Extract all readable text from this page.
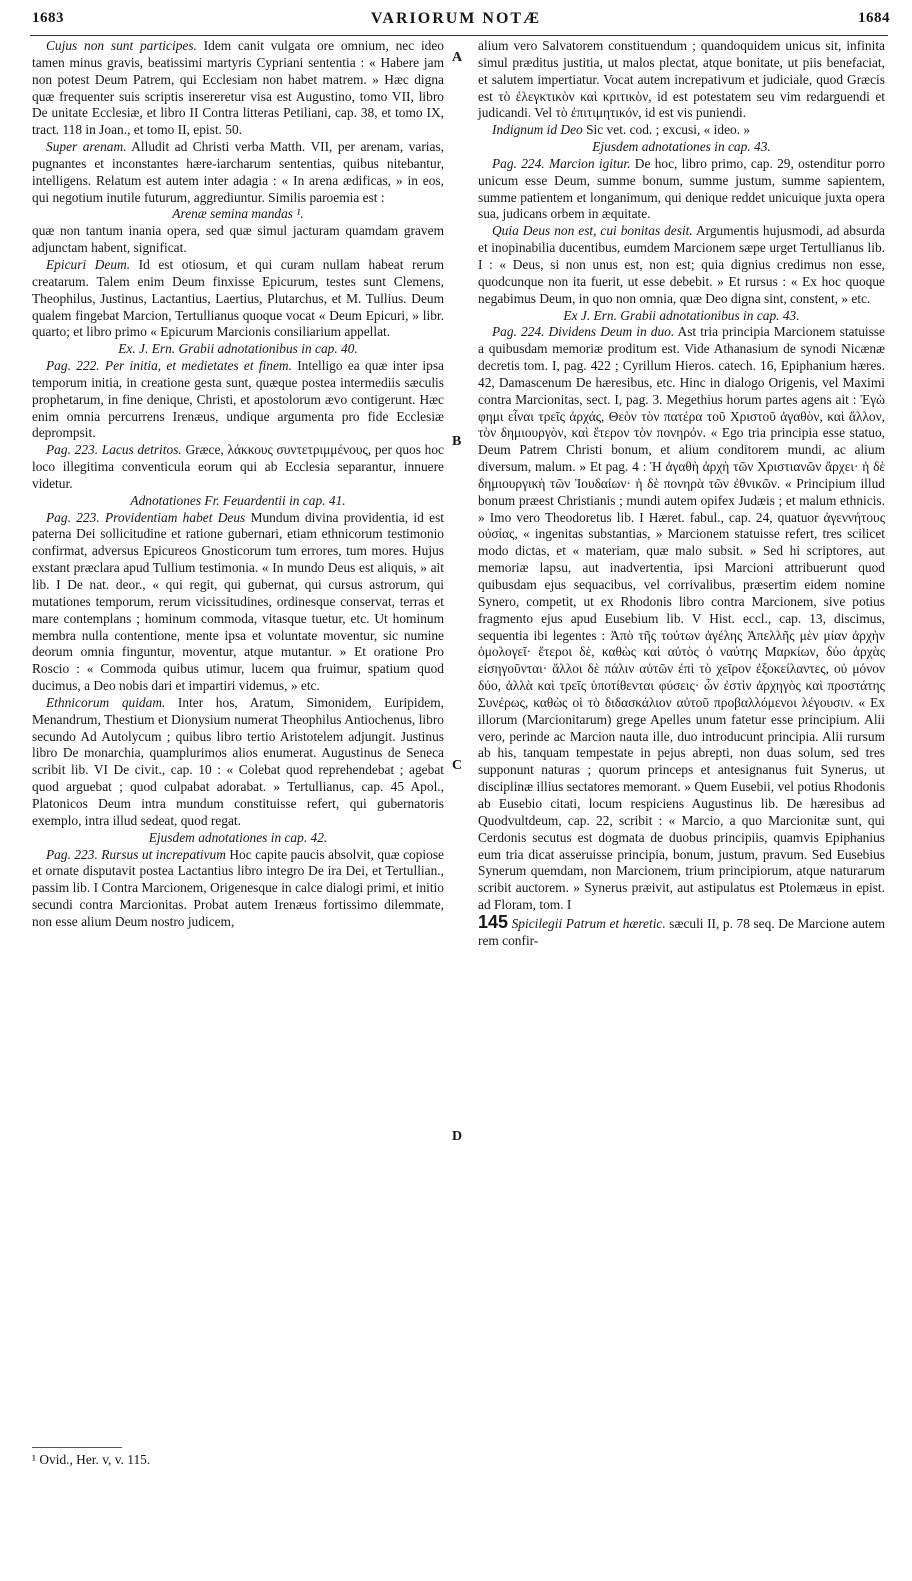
1683	VARIORUM NOTÆ	1684
A
B
C
D

Cujus non sunt participes. Idem canit vulgata ore omnium, nec ideo tamen minus gravis, beatissimi martyris Cypriani sententia : « Habere jam non potest Deum Patrem, qui Ecclesiam non habet matrem. » Hæc digna quæ frequenter suis scriptis insereretur visa est Augustino, tomo VII, libro De unitate Ecclesiæ, et libro II Contra litteras Petiliani, cap. 38, et tomo IX, tract. 118 in Joan., et tomo II, epist. 50.

Super arenam. Alludit ad Christi verba Matth. VII, per arenam, varias, pugnantes et inconstantes hære-iarcharum sententias, quibus nitebantur, intelligens. Relatum est autem inter adagia : « In arena ædificas, » in eos, qui negotium inutile futurum, aggrediuntur. Similis paroemia est :

Arenæ semina mandas ¹.

quæ non tantum inania opera, sed quæ simul jacturam quamdam gravem adjunctam habent, significat.

Epicuri Deum. Id est otiosum, et qui curam nullam habeat rerum creatarum. Talem enim Deum finxisse Epicurum, testes sunt Clemens, Theophilus, Justinus, Lactantius, Laertius, Plutarchus, et M. Tullius. Deum qualem fingebat Marcion, Tertullianus quoque vocat « Deum Epicuri, » libr. quarto; et libro primo « Epicurum Marcionis consiliarium appellat.

Ex. J. Ern. Grabii adnotationibus in cap. 40.

Pag. 222. Per initia, et medietates et finem. Intelligo ea quæ inter ipsa temporum initia, in creatione gesta sunt, quæque postea intermediis sæculis prophetarum, in fine denique, Christi, et apostolorum ævo contigerunt. Hæc enim omnia percurrens Irenæus, undique argumenta pro fide Ecclesiæ deprompsit.

Pag. 223. Lacus detritos. Græce, λάκκους συντετριμμένους, per quos hoc loco illegitima conventicula eorum qui ab Ecclesia separantur, innuere videtur.

Adnotationes Fr. Feuardentii in cap. 41.

Pag. 223. Providentiam habet Deus Mundum divina providentia, id est paterna Dei sollicitudine et ratione gubernari, etiam ethnicorum testimonio confirmat, adversus Epicureos Gnosticorum tum errores, tum mores. Hujus exstant præclara apud Tullium testimonia. « In mundo Deus est aliquis, » ait lib. I De nat. deor., « qui regit, qui gubernat, qui cursus astrorum, qui mutationes temporum, rerum vicissitudines, ordinesque conservat, terras et mare contemplans ; hominum commoda, vitasque tuetur, etc. Ut hominum membra nulla contentione, mente ipsa et voluntate moventur, sic numine deorum omnia finguntur, moventur, atque mutantur. » Et oratione Pro Roscio : « Commoda quibus utimur, lucem qua fruimur, spatium quod ducimus, a Deo nobis dari et impartiri videmus, » etc.

Ethnicorum quidam. Inter hos, Aratum, Simonidem, Euripidem, Menandrum, Thestium et Dionysium numerat Theophilus Antiochenus, libro secundo Ad Autolycum ; quibus libro tertio Aristotelem adjungit. Justinus libro De monarchia, quamplurimos alios enumerat. Augustinus de Seneca scribit lib. VI De civit., cap. 10 : « Colebat quod reprehendebat ; agebat quod arguebat ; quod culpabat adorabat. » Tertullianus, cap. 45 Apol., Platonicos Deum intra mundum constituisse refert, qui gubernatoris exemplo, intra illud sedeat, quod regat.

Ejusdem adnotationes in cap. 42.

Pag. 223. Rursus ut increpativum Hoc capite paucis absolvit, quæ copiose et ornate disputavit postea Lactantius libro integro De ira Dei, et Tertullian., passim lib. I Contra Marcionem, Origenesque in calce dialogi primi, et initio secundi contra Marcionitas. Probat autem Irenæus fortissimo dilemmate, non esse alium Deum nostro judicem,

alium vero Salvatorem constituendum ; quandoquidem unicus sit, infinita simul præditus justitia, ut malos plectat, atque bonitate, ut piis benefaciat, et salutem impertiatur. Vocat autem increpativum et judiciale, quod Græcis est τὸ ἐλεγκτικὸν καὶ κριτικὸν, id est potestatem seu vim redarguendi et judicandi. Vel τὸ ἐπιτιμητικόν, id est vis puniendi.

Indignum id Deo Sic vet. cod. ; excusi, « ideo. »

Ejusdem adnotationes in cap. 43.

Pag. 224. Marcion igitur. De hoc, libro primo, cap. 29, ostenditur porro unicum esse Deum, summe bonum, summe justum, summe sapientem, summe patientem et longanimum, qui denique reddet unicuique juxta opera sua, judicans orbem in æquitate.

Quia Deus non est, cui bonitas desit. Argumentis hujusmodi, ad absurda et inopinabilia ducentibus, eumdem Marcionem sæpe urget Tertullianus lib. I : « Deus, si non unus est, non est; quia dignius credimus non esse, quodcunque non ita fuerit, ut esse debebit. » Et rursus : « Ex hoc quoque negabimus Deum, in quo non omnia, quæ Deo digna sint, constent, » etc.

Ex J. Ern. Grabii adnotationibus in cap. 43.

Pag. 224. Dividens Deum in duo. Ast tria principia Marcionem statuisse a quibusdam memoriæ proditum est. Vide Athanasium de synodi Nicænæ decretis tom. I, pag. 422 ; Cyrillum Hieros. catech. 16, Epiphanium hæres. 42, Damascenum De hæresibus, etc. Hinc in dialogo Origenis, vel Maximi contra Marcionitas, sect. I, pag. 3. Megethius horum partes agens ait : Ἐγὼ φημι εἶναι τρεῖς ἀρχάς, Θεὸν τὸν πατέρα τοῦ Χριστοῦ ἀγαθὸν, καὶ ἄλλον, τὸν δημιουργὸν, καὶ ἕτερον τὸν πονηρόν. « Ego tria principia esse statuo, Deum Patrem Christi bonum, et alium conditorem mundi, ac alium diversum, malum. » Et pag. 4 : Ἡ ἀγαθὴ ἀρχὴ τῶν Χριστιανῶν ἄρχει· ἡ δὲ δημιουργικὴ τῶν Ἰουδαίων· ἡ δὲ πονηρὰ τῶν ἐθνικῶν. « Principium illud bonum præest Christianis ; mundi autem opifex Judæis ; et malum ethnicis. » Imo vero Theodoretus lib. I Hæret. fabul., cap. 24, quatuor ἀγεννήτους οὐσίας, « ingenitas substantias, » Marcionem statuisse refert, tres scilicet modo dictas, et « materiam, quæ malo subsit. » Sed hi scriptores, aut memoriæ lapsu, aut inadvertentia, ipsi Marcioni attribuerunt quod quibusdam ejus sequacibus, vel corrivalibus, præsertim eidem nomine Synero, competit, ut ex Rhodonis libro contra Marcionem, sive potius fragmento ejus apud Eusebium lib. V Hist. eccl., cap. 13, discimus, sequentia ibi legentes : Ἀπὸ τῆς τούτων ἀγέλης Ἀπελλῆς μὲν μίαν ἀρχὴν ὁμολογεῖ· ἕτεροι δὲ, καθὼς καὶ αὐτὸς ὁ ναύτης Μαρκίων, δύο ἀρχὰς εἰσηγοῦνται· ἄλλοι δὲ πάλιν αὐτῶν ἐπὶ τὸ χεῖρον ἐξοκείλαντες, οὐ μόνον δύο, ἀλλὰ καὶ τρεῖς ὑποτίθενται φύσεις· ὧν ἐστὶν ἀρχηγὸς καὶ προστάτης Συνέρως, καθὼς οἱ τὸ διδασκάλιον αὐτοῦ προβαλλόμενοι λέγουσιν. « Ex illorum (Marcionitarum) grege Apelles unum fatetur esse principium. Alii vero, perinde ac Marcion nauta ille, duo introducunt principia. Alii rursum ab his, tanquam tempestate in pejus abrepti, non duas solum, sed tres supponunt naturas ; quorum princeps et antesignanus fuit Synerus, ut disciplinæ illius sectatores memorant. » Quem Eusebii, vel potius Rhodonis ab Eusebio citati, locum respiciens Augustinus lib. De hæresibus ad Quodvultdeum, cap. 22, scribit : « Marcio, a quo Marcionitæ sunt, qui Cerdonis secutus est dogmata de duobus principiis, quamvis Epiphanius eum tria dicat asseruisse principia, bonum, justum, pravum. Sed Eusebius Synerum quemdam, non Marcionem, trium principiorum, atque naturarum scribit auctorem. » Synerus præivit, aut astipulatus est Ptolemæus in epist. ad Floram, tom. I

145 Spicilegii Patrum et hæretic. sæculi II, p. 78 seq. De Marcione autem rem confir-

¹ Ovid., Her. v, v. 115.
